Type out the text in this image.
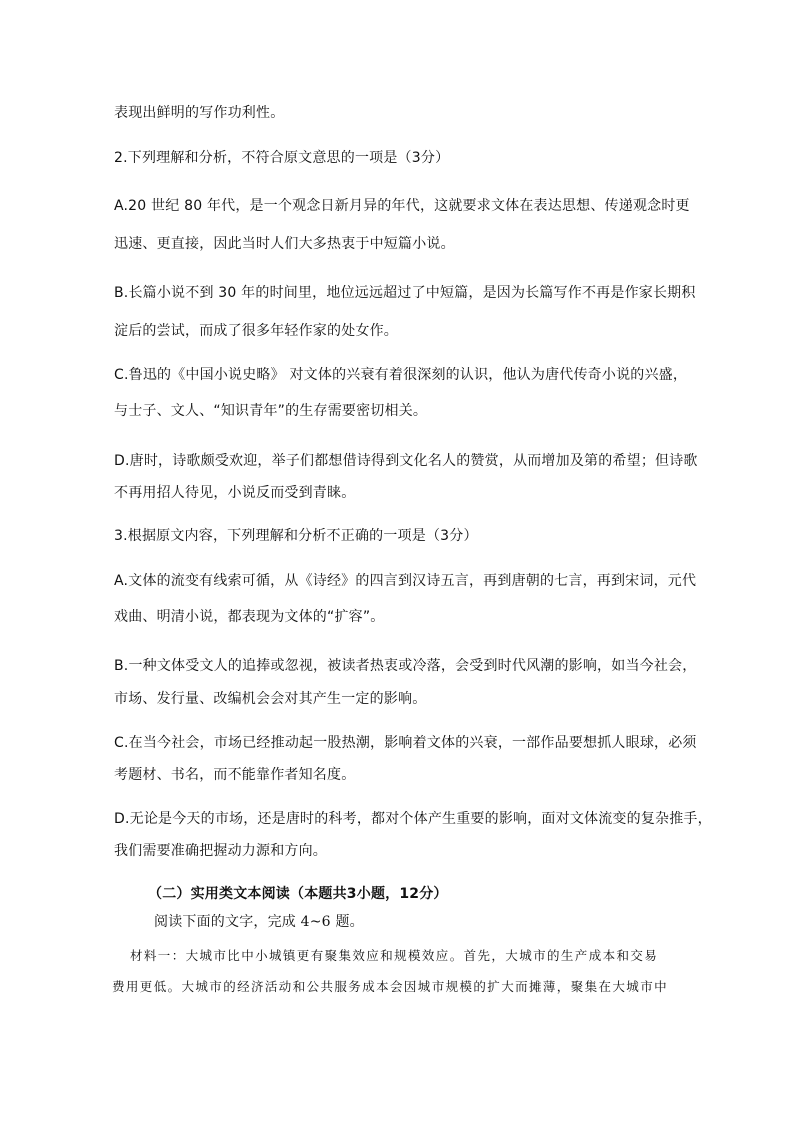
表现出鲜明的写作功利性。
2.下列理解和分析，不符合原文意思的一项是（3分）
A.20 世纪 80 年代，是一个观念日新月异的年代，这就要求文体在表达思想、传递观念时更
迅速、更直接，因此当时人们大多热衷于中短篇小说。
B.长篇小说不到 30 年的时间里，地位远远超过了中短篇，是因为长篇写作不再是作家长期积
淀后的尝试，而成了很多年轻作家的处女作。
C.鲁迅的《中国小说史略》 对文体的兴衰有着很深刻的认识，他认为唐代传奇小说的兴盛，
与士子、文人、“知识青年”的生存需要密切相关。
D.唐时，诗歌颇受欢迎，举子们都想借诗得到文化名人的赞赏，从而增加及第的希望；但诗歌
不再用招人待见，小说反而受到青睐。
3.根据原文内容，下列理解和分析不正确的一项是（3分）
A.文体的流变有线索可循，从《诗经》的四言到汉诗五言，再到唐朝的七言，再到宋词，元代
戏曲、明清小说，都表现为文体的“扩容”。
B.一种文体受文人的追捧或忽视，被读者热衷或冷落，会受到时代风潮的影响，如当今社会，
市场、发行量、改编机会会对其产生一定的影响。
C.在当今社会，市场已经推动起一股热潮，影响着文体的兴衰，一部作品要想抓人眼球，必须
考题材、书名，而不能靠作者知名度。
D.无论是今天的市场，还是唐时的科考，都对个体产生重要的影响，面对文体流变的复杂推手，
我们需要准确把握动力源和方向。
（二）实用类文本阅读（本题共3小题，12分）
阅读下面的文字，完成 4~6 题。
材料一：大城市比中小城镇更有聚集效应和规模效应。首先，大城市的生产成本和交易
费用更低。大城市的经济活动和公共服务成本会因城市规模的扩大而摊薄，聚集在大城市中
